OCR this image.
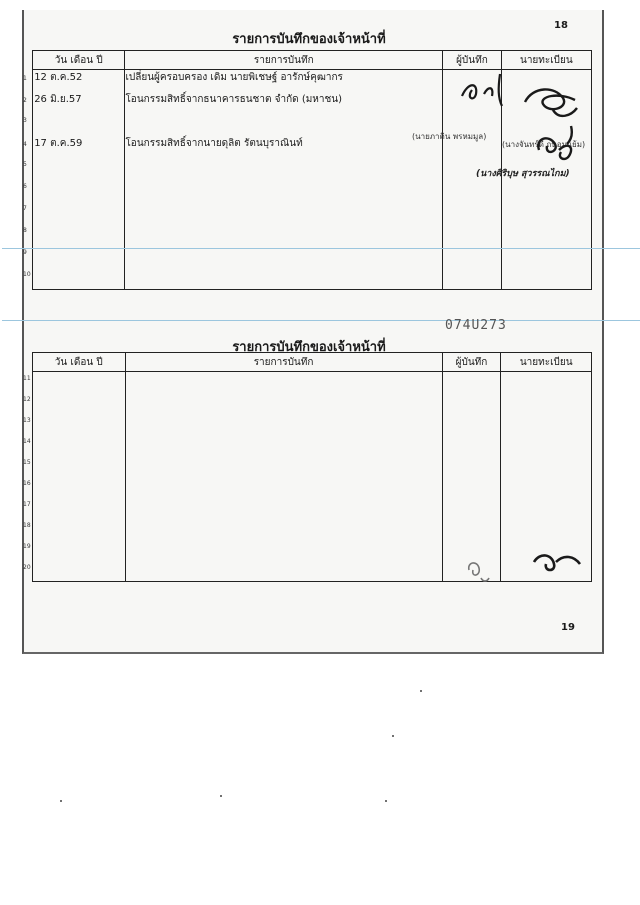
18
รายการบันทึกของเจ้าหน้าที่
วัน เดือน ปี	รายการบันทึก	ผู้บันทึก	นายทะเบียน
1 12 ต.ค.52	เปลี่ยนผู้ครอบครอง เดิม นายพิเชษฐ์ อารักษ์คุฒากร		
2 26 มิ.ย.57	โอนกรรมสิทธิ์จากธนาคารธนชาต จำกัด (มหาชน)		
3			
4 17 ต.ค.59	โอนกรรมสิทธิ์จากนายดุลิต รัตนบุราณินท์		
5			
6			
7			
8			
9			
10			
(นายภาคิน พรหมมูล)
(นางจันทร์ดี ถนอมแย้ม)
(นางศิริบุษ สุวรรณไกม)
074U273
รายการบันทึกของเจ้าหน้าที่
วัน เดือน ปี	รายการบันทึก	ผู้บันทึก	นายทะเบียน
11			
12			
13			
14			
15			
16			
17			
18			
19			
20			
19
